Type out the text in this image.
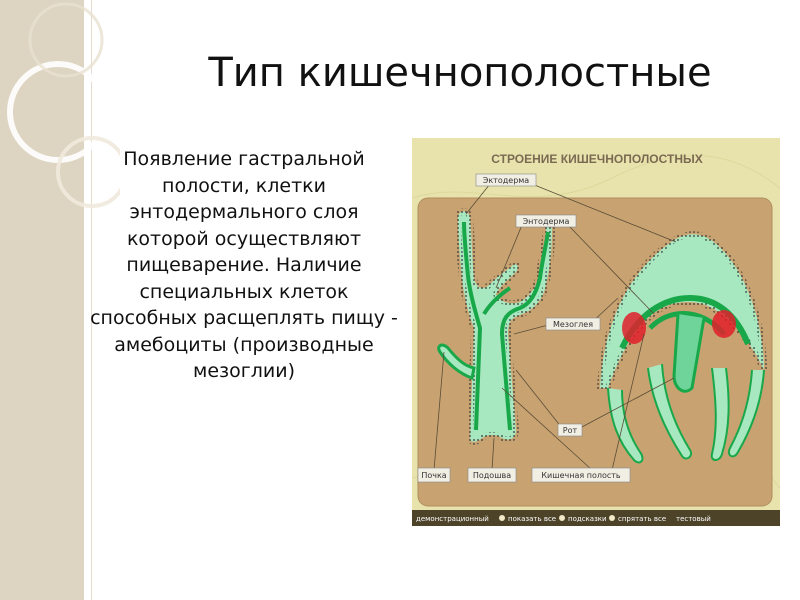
Тип кишечнополостные
Появление гастральной полости, клетки энтодермального слоя которой осуществляют пищеварение. Наличие специальных клеток способных расщеплять пищу - амебоциты (производные мезоглии)
СТРОЕНИЕ КИШЕЧНОПОЛОСТНЫХ
Эктодерма
Энтодерма
Мезоглея
Рот
Почка	Подошва	Кишечная полость
демонстрационный	показать все подсказки спрятать все тестовый
